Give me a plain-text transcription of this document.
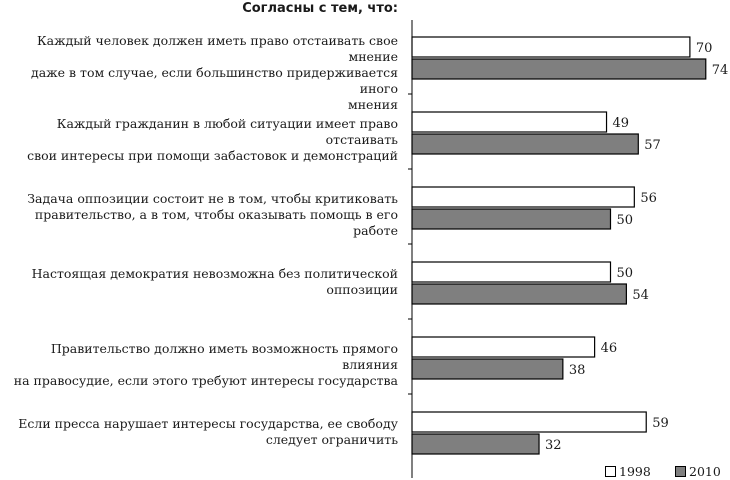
Согласны с тем, что:
70
74
49
57
56
50
50
54
46
38
59
32
Каждый человек должен иметь право отстаивать свое мнение
даже в том случае, если большинство придерживается иного
мнения
Каждый гражданин в любой ситуации имеет право отстаивать
свои интересы при помощи забастовок и демонстраций
Задача оппозиции состоит не в том, чтобы критиковать
правительство, а в том, чтобы оказывать помощь в его работе
Настоящая демократия невозможна без политической
оппозиции
Правительство должно иметь возможность прямого влияния
на правосудие, если этого требуют интересы государства
Если пресса нарушает интересы государства, ее свободу
следует ограничить
1998	2010
